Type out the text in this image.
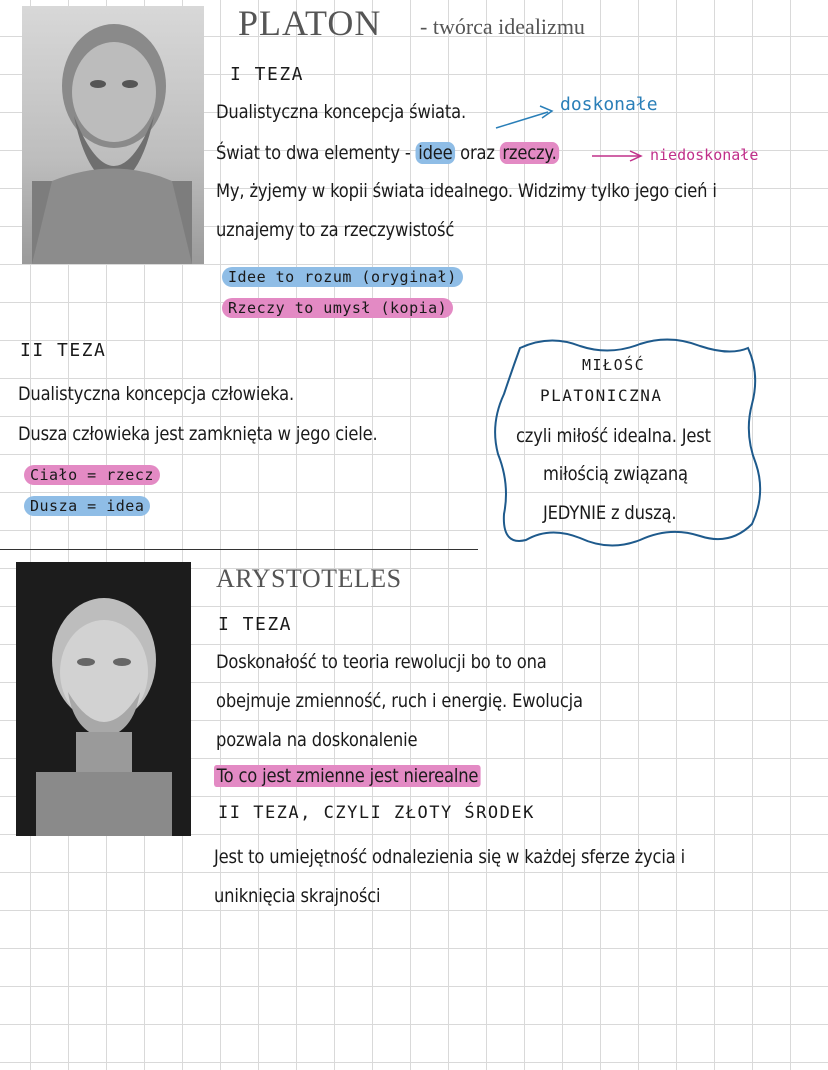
PLATON - twórca idealizmu
I TEZA
Dualistyczna koncepcja świata.
Świat to dwa elementy - idee oraz rzeczy.
doskonałe
niedoskonałe
My, żyjemy w kopii świata idealnego. Widzimy tylko jego cień i
uznajemy to za rzeczywistość
Idee to rozum (oryginał)
Rzeczy to umysł (kopia)
II TEZA
Dualistyczna koncepcja człowieka.
Dusza człowieka jest zamknięta w jego ciele.
Ciało = rzecz
Dusza = idea
MIŁOŚĆ
PLATONICZNA
czyli miłość idealna. Jest
miłością związaną
JEDYNIE z duszą.
ARYSTOTELES
I TEZA
Doskonałość to teoria rewolucji bo to ona
obejmuje zmienność, ruch i energię. Ewolucja
pozwala na doskonalenie
To co jest zmienne jest nierealne
II TEZA, CZYLI ZŁOTY ŚRODEK
Jest to umiejętność odnalezienia się w każdej sferze życia i
uniknięcia skrajności
